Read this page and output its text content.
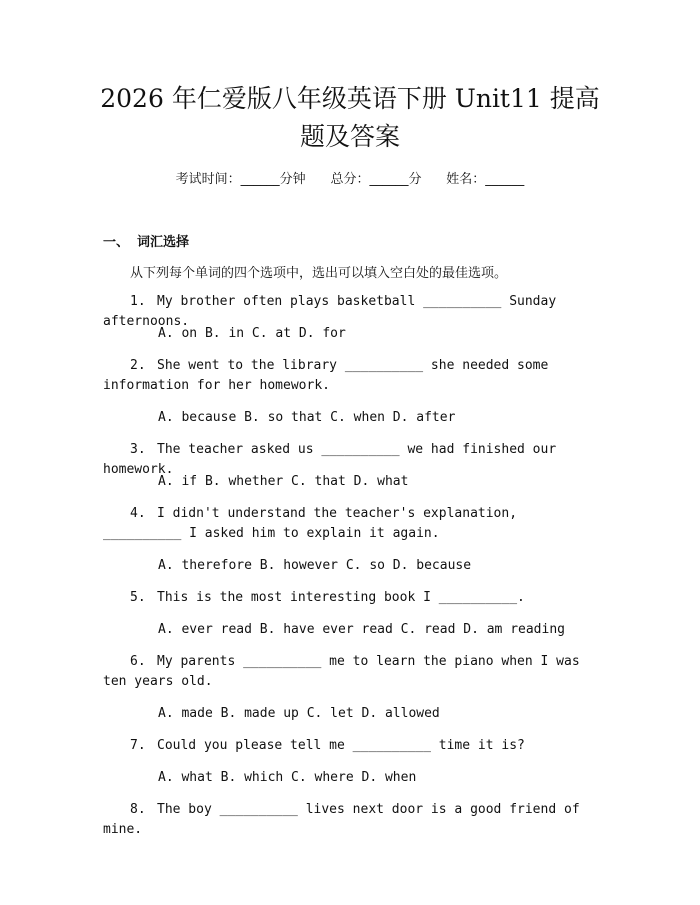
2026 年仁爱版八年级英语下册 Unit11 提高
题及答案
考试时间：______分钟 总分：______分 姓名：______
一、 词汇选择
从下列每个单词的四个选项中，选出可以填入空白处的最佳选项。
1. My brother often plays basketball __________ Sunday afternoons.
A. on B. in C. at D. for
2. She went to the library __________ she needed some information for her homework.
A. because B. so that C. when D. after
3. The teacher asked us __________ we had finished our homework.
A. if B. whether C. that D. what
4. I didn't understand the teacher's explanation, __________ I asked him to explain it again.
A. therefore B. however C. so D. because
5. This is the most interesting book I __________.
A. ever read B. have ever read C. read D. am reading
6. My parents __________ me to learn the piano when I was ten years old.
A. made B. made up C. let D. allowed
7. Could you please tell me __________ time it is?
A. what B. which C. where D. when
8. The boy __________ lives next door is a good friend of mine.
